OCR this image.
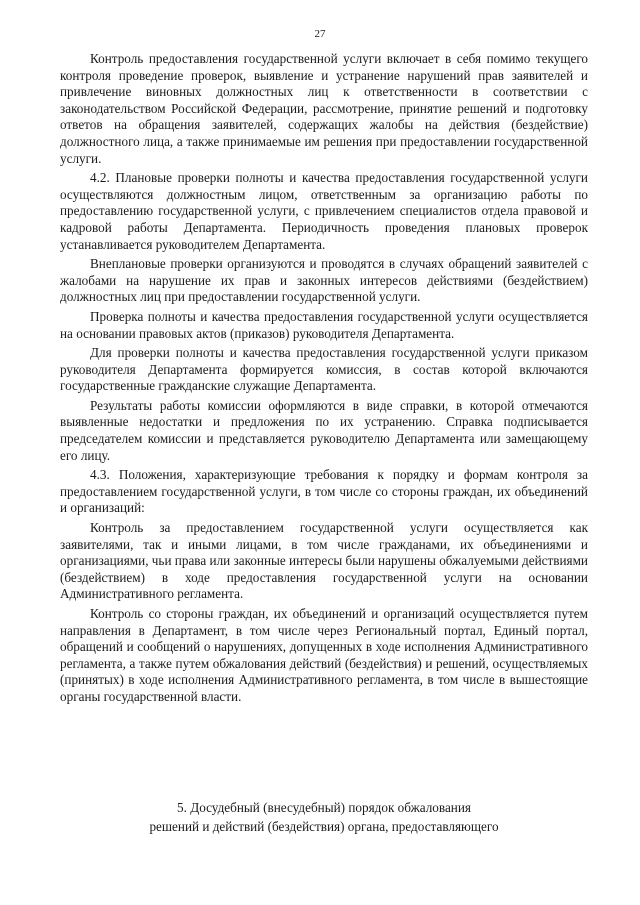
27

Контроль предоставления государственной услуги включает в себя помимо текущего контроля проведение проверок, выявление и устранение нарушений прав заявителей и привлечение виновных должностных лиц к ответственности в соответствии с законодательством Российской Федерации, рассмотрение, принятие решений и подготовку ответов на обращения заявителей, содержащих жалобы на действия (бездействие) должностного лица, а также принимаемые им решения при предоставлении государственной услуги.

4.2. Плановые проверки полноты и качества предоставления государственной услуги осуществляются должностным лицом, ответственным за организацию работы по предоставлению государственной услуги, с привлечением специалистов отдела правовой и кадровой работы Департамента. Периодичность проведения плановых проверок устанавливается руководителем Департамента.

Внеплановые проверки организуются и проводятся в случаях обращений заявителей с жалобами на нарушение их прав и законных интересов действиями (бездействием) должностных лиц при предоставлении государственной услуги.

Проверка полноты и качества предоставления государственной услуги осуществляется на основании правовых актов (приказов) руководителя Департамента.

Для проверки полноты и качества предоставления государственной услуги приказом руководителя Департамента формируется комиссия, в состав которой включаются государственные гражданские служащие Департамента.

Результаты работы комиссии оформляются в виде справки, в которой отмечаются выявленные недостатки и предложения по их устранению. Справка подписывается председателем комиссии и представляется руководителю Департамента или замещающему его лицу.

4.3. Положения, характеризующие требования к порядку и формам контроля за предоставлением государственной услуги, в том числе со стороны граждан, их объединений и организаций:

Контроль за предоставлением государственной услуги осуществляется как заявителями, так и иными лицами, в том числе гражданами, их объединениями и организациями, чьи права или законные интересы были нарушены обжалуемыми действиями (бездействием) в ходе предоставления государственной услуги на основании Административного регламента.

Контроль со стороны граждан, их объединений и организаций осуществляется путем направления в Департамент, в том числе через Региональный портал, Единый портал, обращений и сообщений о нарушениях, допущенных в ходе исполнения Административного регламента, а также путем обжалования действий (бездействия) и решений, осуществляемых (принятых) в ходе исполнения Административного регламента, в том числе в вышестоящие органы государственной власти.

5. Досудебный (внесудебный) порядок обжалования
решений и действий (бездействия) органа, предоставляющего
